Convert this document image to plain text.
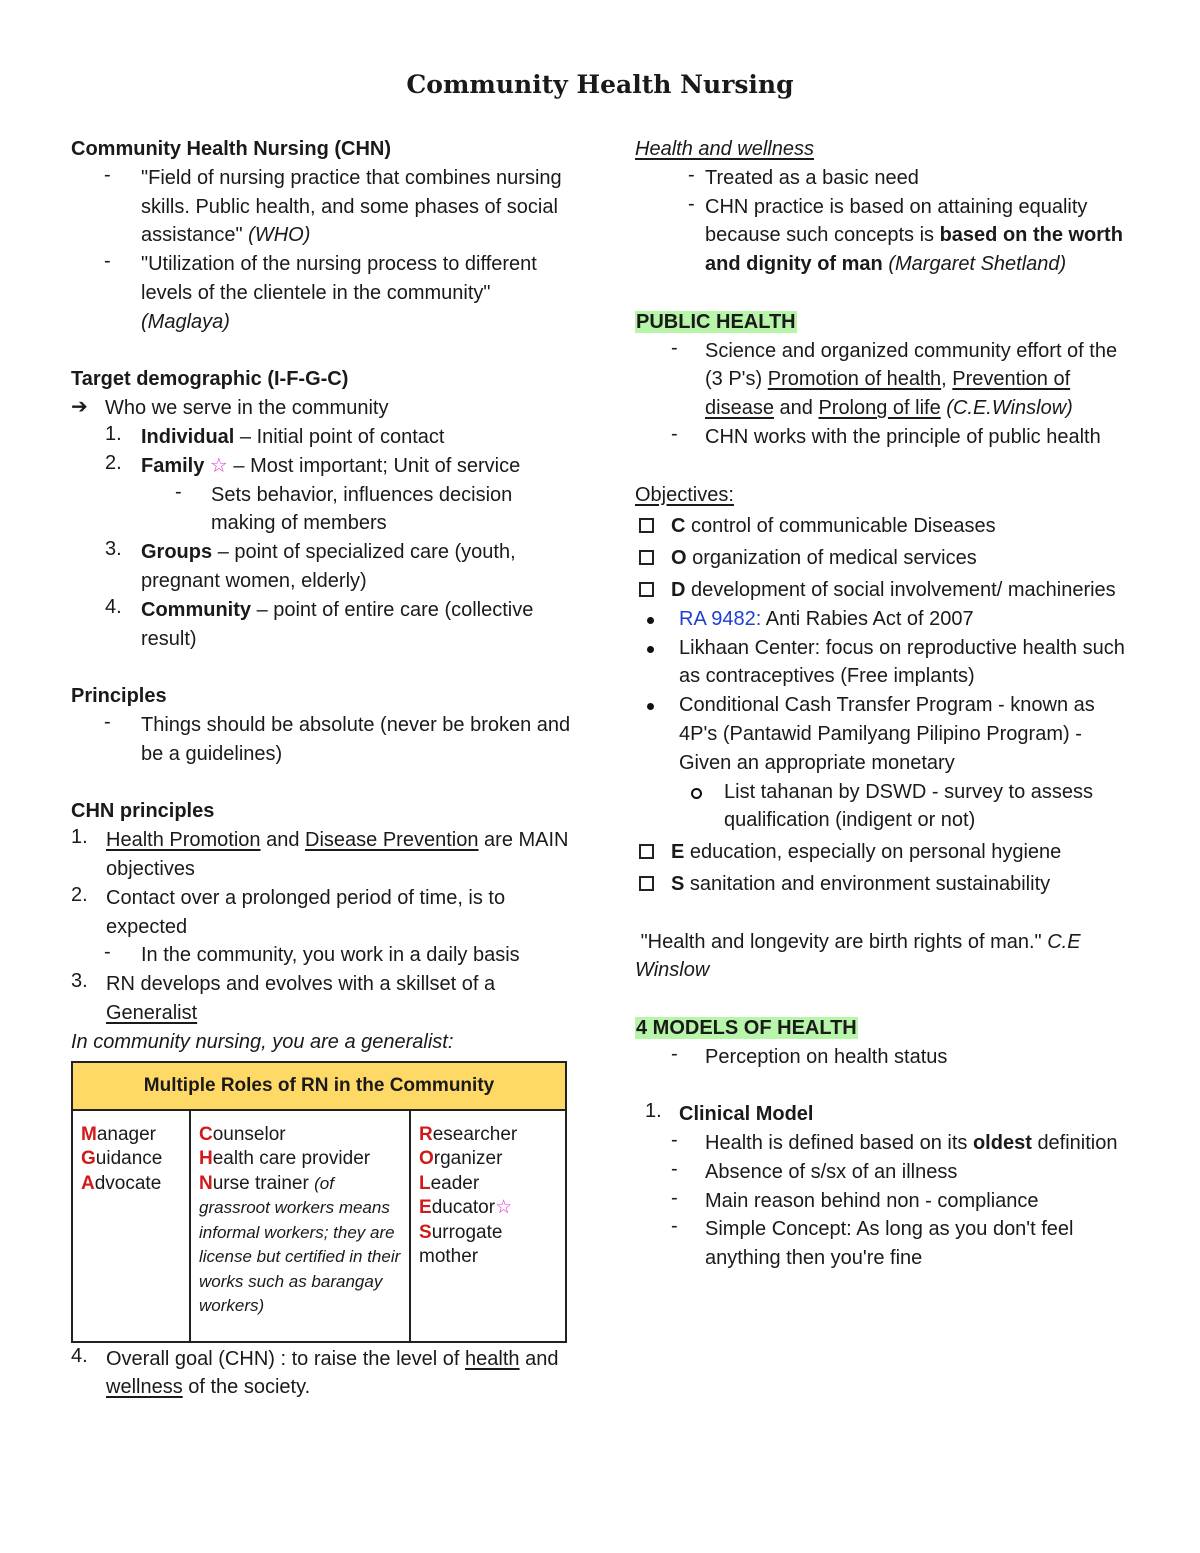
Community Health Nursing

Community Health Nursing (CHN)

- "Field of nursing practice that combines nursing skills. Public health, and some phases of social assistance" (WHO)

- "Utilization of the nursing process to different levels of the clientele in the community" (Maglaya)

Target demographic (I-F-G-C)

➔ Who we serve in the community

1. Individual – Initial point of contact

2. Family ☆ – Most important; Unit of service

- Sets behavior, influences decision making of members

3. Groups – point of specialized care (youth, pregnant women, elderly)

4. Community – point of entire care (collective result)

Principles

- Things should be absolute (never be broken and be a guidelines)

CHN principles

1. Health Promotion and Disease Prevention are MAIN objectives

2. Contact over a prolonged period of time, is to expected

- In the community, you work in a daily basis

3. RN develops and evolves with a skillset of a Generalist

In community nursing, you are a generalist:

Multiple Roles of RN in the Community

Manager
Guidance
Advocate

Counselor
Health care provider
Nurse trainer (of grassroot workers means informal workers; they are license but certified in their works such as barangay workers)

Researcher
Organizer
Leader
Educator☆
Surrogate mother
4. Overall goal (CHN) : to raise the level of health and wellness of the society.

Health and wellness

- Treated as a basic need

- CHN practice is based on attaining equality because such concepts is based on the worth and dignity of man (Margaret Shetland)

PUBLIC HEALTH

- Science and organized community effort of the (3 P's) Promotion of health, Prevention of disease and Prolong of life (C.E.Winslow)

- CHN works with the principle of public health

Objectives:

C control of communicable Diseases

O organization of medical services

D development of social involvement/ machineries

RA 9482: Anti Rabies Act of 2007

Likhaan Center: focus on reproductive health such as contraceptives (Free implants)

Conditional Cash Transfer Program - known as 4P's (Pantawid Pamilyang Pilipino Program) - Given an appropriate monetary

List tahanan by DSWD - survey to assess qualification (indigent or not)

E education, especially on personal hygiene

S sanitation and environment sustainability

"Health and longevity are birth rights of man." C.E Winslow

4 MODELS OF HEALTH

- Perception on health status

1. Clinical Model

- Health is defined based on its oldest definition

- Absence of s/sx of an illness

- Main reason behind non - compliance

- Simple Concept: As long as you don't feel anything then you're fine
